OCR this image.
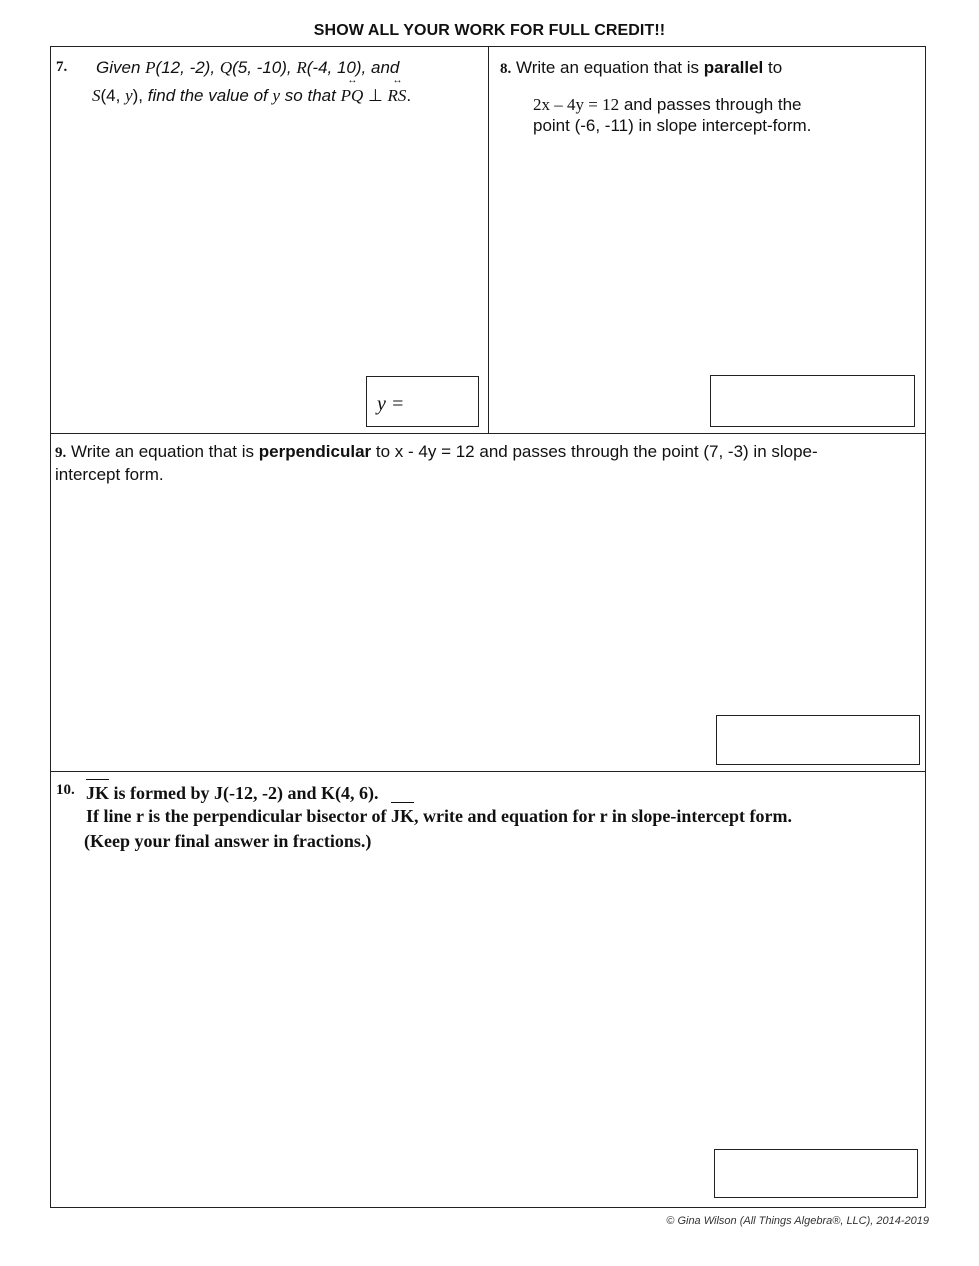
SHOW ALL YOUR WORK FOR FULL CREDIT!!
7. Given P(12, -2), Q(5, -10), R(-4, 10), and
S(4, y), find the value of y so that
↔
PQ ⊥
↔
RS.
y =
8. Write an equation that is parallel to
2x – 4y = 12 and passes through the
point (-6, -11) in slope intercept-form.
9. Write an equation that is perpendicular to x - 4y = 12 and passes through the point (7, -3) in slope-
intercept form.
10. JK is formed by J(-12, -2) and K(4, 6).
If line r is the perpendicular bisector of JK, write and equation for r in slope-intercept form.
(Keep your final answer in fractions.)
© Gina Wilson (All Things Algebra®, LLC), 2014-2019
